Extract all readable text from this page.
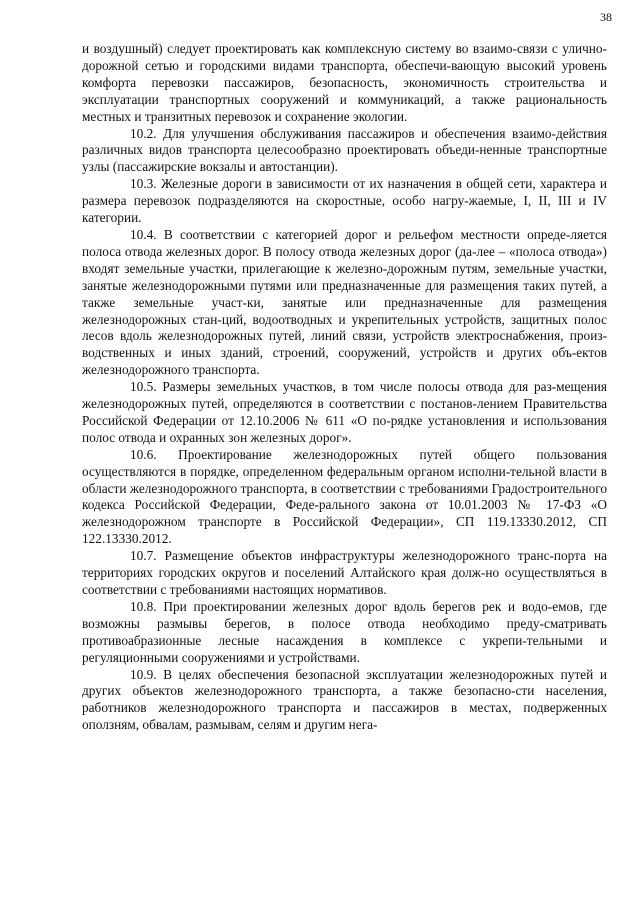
38

и воздушный) следует проектировать как комплексную систему во взаимо-связи с улично-дорожной сетью и городскими видами транспорта, обеспечи-вающую высокий уровень комфорта перевозки пассажиров, безопасность, экономичность строительства и эксплуатации транспортных сооружений и коммуникаций, а также рациональность местных и транзитных перевозок и сохранение экологии.

10.2. Для улучшения обслуживания пассажиров и обеспечения взаимо-действия различных видов транспорта целесообразно проектировать объеди-ненные транспортные узлы (пассажирские вокзалы и автостанции).

10.3. Железные дороги в зависимости от их назначения в общей сети, характера и размера перевозок подразделяются на скоростные, особо нагру-жаемые, I, II, III и IV категории.

10.4. В соответствии с категорией дорог и рельефом местности опреде-ляется полоса отвода железных дорог. В полосу отвода железных дорог (да-лее – «полоса отвода») входят земельные участки, прилегающие к железно-дорожным путям, земельные участки, занятые железнодорожными путями или предназначенные для размещения таких путей, а также земельные участ-ки, занятые или предназначенные для размещения железнодорожных стан-ций, водоотводных и укрепительных устройств, защитных полос лесов вдоль железнодорожных путей, линий связи, устройств электроснабжения, произ-водственных и иных зданий, строений, сооружений, устройств и других объ-ектов железнодорожного транспорта.

10.5. Размеры земельных участков, в том числе полосы отвода для раз-мещения железнодорожных путей, определяются в соответствии с постанов-лением Правительства Российской Федерации от 12.10.2006 № 611 «О по-рядке установления и использования полос отвода и охранных зон железных дорог».

10.6. Проектирование железнодорожных путей общего пользования осуществляются в порядке, определенном федеральным органом исполни-тельной власти в области железнодорожного транспорта, в соответствии с требованиями Градостроительного кодекса Российской Федерации, Феде-рального закона от 10.01.2003 № 17-ФЗ «О железнодорожном транспорте в Российской Федерации», СП 119.13330.2012, СП 122.13330.2012.

10.7. Размещение объектов инфраструктуры железнодорожного транс-порта на территориях городских округов и поселений Алтайского края долж-но осуществляться в соответствии с требованиями настоящих нормативов.

10.8. При проектировании железных дорог вдоль берегов рек и водо-емов, где возможны размывы берегов, в полосе отвода необходимо преду-сматривать противоабразионные лесные насаждения в комплексе с укрепи-тельными и регуляционными сооружениями и устройствами.

10.9. В целях обеспечения безопасной эксплуатации железнодорожных путей и других объектов железнодорожного транспорта, а также безопасно-сти населения, работников железнодорожного транспорта и пассажиров в местах, подверженных оползням, обвалам, размывам, селям и другим нега-
